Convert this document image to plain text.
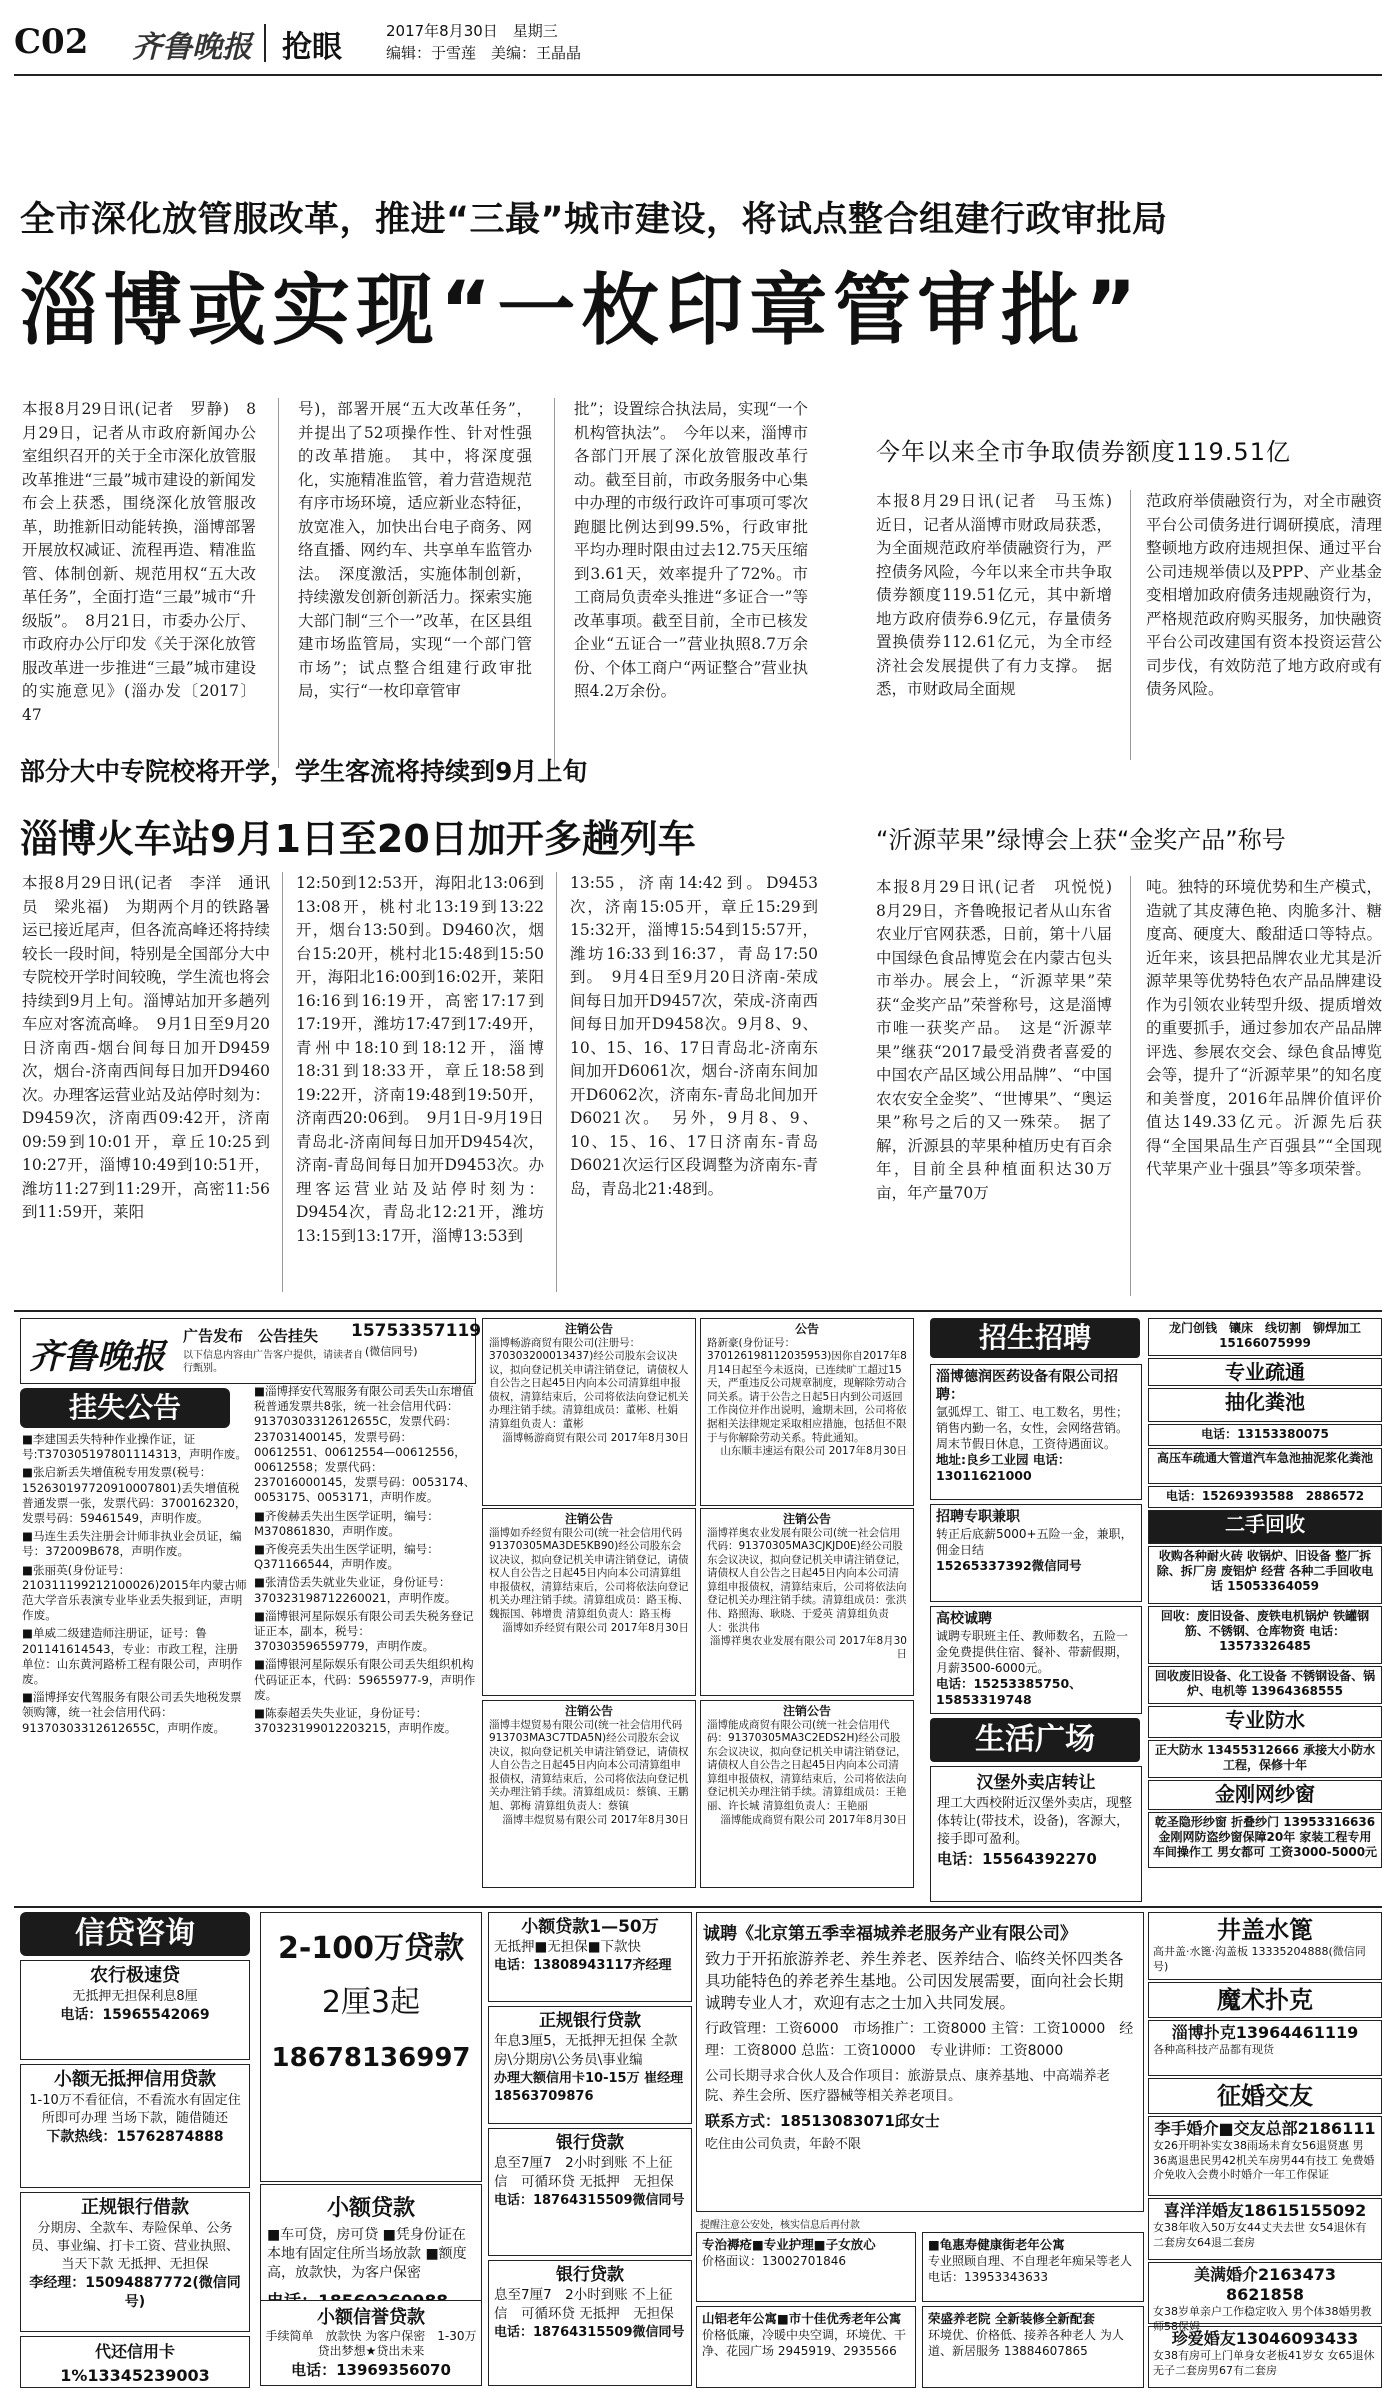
C02 齐鲁晚报 抢眼	2017年8月30日　星期三
编辑：于雪莲　美编：王晶晶
全市深化放管服改革，推进“三最”城市建设，将试点整合组建行政审批局
淄博或实现“一枚印章管审批”

本报8月29日讯(记者　罗静)　8月29日，记者从市政府新闻办公室组织召开的关于全市深化放管服改革推进“三最”城市建设的新闻发布会上获悉，围绕深化放管服改革，助推新旧动能转换，淄博部署开展放权减证、流程再造、精准监管、体制创新、规范用权“五大改革任务”，全面打造“三最”城市“升级版”。　8月21日，市委办公厅、市政府办公厅印发《关于深化放管服改革进一步推进“三最”城市建设的实施意见》(淄办发〔2017〕47

号)，部署开展“五大改革任务”，并提出了52项操作性、针对性强的改革措施。　其中，将深度强化，实施精准监管，着力营造规范有序市场环境，适应新业态特征，放宽准入，加快出台电子商务、网络直播、网约车、共享单车监管办法。　深度激活，实施体制创新，持续激发创新创新活力。探索实施大部门制“三个一”改革，在区县组建市场监管局，实现“一个部门管市场”；试点整合组建行政审批局，实行“一枚印章管审

批”；设置综合执法局，实现“一个机构管执法”。　今年以来，淄博市各部门开展了深化放管服改革行动。截至目前，市政务服务中心集中办理的市级行政许可事项可零次跑腿比例达到99.5%，行政审批平均办理时限由过去12.75天压缩到3.61天，效率提升了72%。市工商局负责牵头推进“多证合一”等改革事项。截至目前，全市已核发企业“五证合一”营业执照8.7万余份、个体工商户“两证整合”营业执照4.2万余份。

今年以来全市争取债券额度119.51亿

本报8月29日讯(记者　马玉炼)　近日，记者从淄博市财政局获悉，为全面规范政府举债融资行为，严控债务风险，今年以来全市共争取债券额度119.51亿元，其中新增地方政府债券6.9亿元，存量债务置换债券112.61亿元，为全市经济社会发展提供了有力支撑。　据悉，市财政局全面规

范政府举债融资行为，对全市融资平台公司债务进行调研摸底，清理整顿地方政府违规担保、通过平台公司违规举债以及PPP、产业基金变相增加政府债务违规融资行为，严格规范政府购买服务，加快融资平台公司改建国有资本投资运营公司步伐，有效防范了地方政府或有债务风险。

部分大中专院校将开学，学生客流将持续到9月上旬
淄博火车站9月1日至20日加开多趟列车

本报8月29日讯(记者　李洋　通讯员　梁兆福)　为期两个月的铁路暑运已接近尾声，但各流高峰还将持续较长一段时间，特别是全国部分大中专院校开学时间较晚，学生流也将会持续到9月上旬。淄博站加开多趟列车应对客流高峰。　9月1日至9月20日济南西-烟台间每日加开D9459次，烟台-济南西间每日加开D9460次。办理客运营业站及站停时刻为：D9459次，济南西09:42开，济南09:59到10:01开，章丘10:25到10:27开，淄博10:49到10:51开，潍坊11:27到11:29开，高密11:56到11:59开，莱阳

12:50到12:53开，海阳北13:06到13:08开，桃村北13:19到13:22开，烟台13:50到。D9460次，烟台15:20开，桃村北15:48到15:50开，海阳北16:00到16:02开，莱阳16:16到16:19开，高密17:17到17:19开，潍坊17:47到17:49开，青州中18:10到18:12开，淄博18:31到18:33开，章丘18:58到19:22开，济南19:48到19:50开，济南西20:06到。　9月1日-9月19日青岛北-济南间每日加开D9454次，济南-青岛间每日加开D9453次。办理客运营业站及站停时刻为：D9454次，青岛北12:21开，潍坊13:15到13:17开，淄博13:53到

13:55，济南14:42到。D9453次，济南15:05开，章丘15:29到15:32开，淄博15:54到15:57开，潍坊16:33到16:37，青岛17:50到。　9月4日至9月20日济南-荣成间每日加开D9457次，荣成-济南西间每日加开D9458次。9月8、9、10、15、16、17日青岛北-济南东间加开D6061次，烟台-济南东间加开D6062次，济南东-青岛北间加开D6021次。　另外，9月8、9、10、15、16、17日济南东-青岛D6021次运行区段调整为济南东-青岛，青岛北21:48到。

“沂源苹果”绿博会上获“金奖产品”称号

本报8月29日讯(记者　巩悦悦)　8月29日，齐鲁晚报记者从山东省农业厅官网获悉，日前，第十八届中国绿色食品博览会在内蒙古包头市举办。展会上，“沂源苹果”荣获“金奖产品”荣誉称号，这是淄博市唯一获奖产品。　这是“沂源苹果”继获“2017最受消费者喜爱的中国农产品区域公用品牌”、“中国农农安全金奖”、“世博果”、“奥运果”称号之后的又一殊荣。　据了解，沂源县的苹果种植历史有百余年，目前全县种植面积达30万亩，年产量70万

吨。独特的环境优势和生产模式，造就了其皮薄色艳、肉脆多汁、糖度高、硬度大、酸甜适口等特点。近年来，该县把品牌农业尤其是沂源苹果等优势特色农产品品牌建设作为引领农业转型升级、提质增效的重要抓手，通过参加农产品品牌评选、参展农交会、绿色食品博览会等，提升了“沂源苹果”的知名度和美誉度，2016年品牌价值评价值达149.33亿元。沂源先后获得“全国果品生产百强县”“全国现代苹果产业十强县”等多项荣誉。

齐鲁晚报
广告发布　公告挂失 15753357119
(微信同号)
以下信息内容由广告客户提供，请读者自行甄别。
挂失公告
■李建国丢失特种作业操作证，证号:T370305197801114313，声明作废。
■张启新丢失增值税专用发票(税号：152630197720910007801)丢失增值税普通发票一张，发票代码：3700162320，发票号码：59461549，声明作废。
■马连生丢失注册会计师非执业会员证，编号：372009B678，声明作废。
■张丽英(身份证号：210311199212100026)2015年内蒙古师范大学音乐表演专业毕业丢失报到证，声明作废。
■单威二级建造师注册证，证号：鲁201141614543，专业：市政工程，注册单位：山东黄河路桥工程有限公司，声明作废。
■淄博择安代驾服务有限公司丢失地税发票领购簿，统一社会信用代码：91370303312612655C，声明作废。
■淄博择安代驾服务有限公司丢失山东增值税普通发票共8张，统一社会信用代码：91370303312612655C，发票代码：237031400145，发票号码：00612551、00612554—00612556，00612558；发票代码：237016000145，发票号码：0053174、0053175、0053171，声明作废。
■齐俊赫丢失出生医学证明，编号：M370861830，声明作废。
■齐俊亮丢失出生医学证明，编号：Q371166544，声明作废。
■张清岱丢失就业失业证，身份证号：370323198712260021，声明作废。
■淄博银河星际娱乐有限公司丢失税务登记证正本，副本，税号：370303596559779，声明作废。
■淄博银河星际娱乐有限公司丢失组织机构代码证正本，代码：59655977-9，声明作废。
■陈泰超丢失失业证，身份证号：370323199012203215，声明作废。
注销公告
淄博畅游商贸有限公司(注册号：370303200013437)经公司股东会议决议，拟向登记机关申请注销登记，请债权人自公告之日起45日内向本公司清算组申报债权，清算结束后，公司将依法向登记机关办理注销手续。清算组成员：董彬、杜娟 清算组负责人：董彬
淄博畅游商贸有限公司 2017年8月30日
公告
路新豪(身份证号：370126198112035953)因你自2017年8月14日起至今未返岗，已连续旷工超过15天，严重违反公司规章制度，现解除劳动合同关系。请于公告之日起5日内到公司返回工作岗位并作出说明，逾期未回，公司将依据相关法律规定采取相应措施，包括但不限于与你解除劳动关系。特此通知。
山东顺丰速运有限公司 2017年8月30日
注销公告
淄博如乔经贸有限公司(统一社会信用代码91370305MA3DE5KB90)经公司股东会议决议，拟向登记机关申请注销登记，请债权人自公告之日起45日内向本公司清算组申报债权，清算结束后，公司将依法向登记机关办理注销手续。清算组成员：路玉梅、魏振国、韩增贵 清算组负责人：路玉梅
淄博如乔经贸有限公司 2017年8月30日
注销公告
淄博祥奥农业发展有限公司(统一社会信用代码：91370305MA3CJKJD0E)经公司股东会议决议，拟向登记机关申请注销登记，请债权人自公告之日起45日内向本公司清算组申报债权，清算结束后，公司将依法向登记机关办理注销手续。清算组成员：张洪伟、路照海、耿晓、于爱英 清算组负责人：张洪伟
淄博祥奥农业发展有限公司 2017年8月30日
注销公告
淄博丰煜贸易有限公司(统一社会信用代码913703MA3C7TDA5N)经公司股东会议决议，拟向登记机关申请注销登记，请债权人自公告之日起45日内向本公司清算组申报债权，清算结束后，公司将依法向登记机关办理注销手续。清算组成员：蔡镇、王鹏旭、郭梅 清算组负责人：蔡镇
淄博丰煜贸易有限公司 2017年8月30日
注销公告
淄博能成商贸有限公司(统一社会信用代码：91370305MA3C2EDS2H)经公司股东会议决议，拟向登记机关申请注销登记，请债权人自公告之日起45日内向本公司清算组申报债权，清算结束后，公司将依法向登记机关办理注销手续。清算组成员：王艳丽、许长城 清算组负责人：王艳丽
淄博能成商贸有限公司 2017年8月30日
招生招聘
淄博德润医药设备有限公司招聘：
氩弧焊工、钳工、电工数名，男性；销售内勤一名，女性，会网络营销。周末节假日休息，工资待遇面议。
地址:良乡工业园 电话：13011621000
招聘专职兼职
转正后底薪5000+五险一金，兼职，佣金日结
15265337392微信同号
高校诚聘
诚聘专职班主任、教师数名，五险一金免费提供住宿、餐补、带薪假期，月薪3500-6000元。
电话：15253385750、15853319748
生活广场
汉堡外卖店转让
理工大西校附近汉堡外卖店，现整体转让(带技术，设备)，客源大，接手即可盈利。
电话：15564392270
龙门创钱　镶床　线切割　铆焊加工 15166075999
专业疏通
抽化粪池
电话：13153380075
高压车疏通大管道汽车急池抽泥浆化粪池
电话：15269393588　2886572
二手回收
收购各种耐火砖 收锅炉、旧设备 整厂拆除、拆厂房 废铝炉 经营 各种二手回收电话 15053364059
回收：废旧设备、废铁电机锅炉 铁罐钢筋、不锈钢、仓库物资 电话：13573326485
回收废旧设备、化工设备 不锈钢设备、锅炉、电机等 13964368555
专业防水
正大防水 13455312666 承接大小防水工程，保修十年
金刚网纱窗
乾圣隐形纱窗 折叠纱门 13953316636 金刚网防盗纱窗保障20年 家装工程专用 车间操作工 男女都可 工资3000-5000元
信贷咨询
农行极速贷
无抵押无担保利息8厘
电话：15965542069
小额无抵押信用贷款
1-10万不看征信，不看流水有固定住所即可办理 当场下款，随借随还
下款热线：15762874888
正规银行借款
分期房、全款车、寿险保单、公务员、事业编、打卡工资、营业执照、当天下款 无抵押、无担保
李经理：15094887772(微信同号)
代还信用卡1%13345239003
2-100万贷款
2厘3起
18678136997
小额贷款
■车可贷，房可贷 ■凭身份证在本地有固定住所当场放款 ■额度高，放款快，为客户保密
小额信誉贷款
手续简单　放款快 为客户保密　1-30万 贷出梦想★贷出未来
电话：13969356070
小额贷款1—50万
无抵押■无担保■下款快
电话：13808943117齐经理
正规银行贷款
年息3厘5，无抵押无担保 全款房\分期房\公务员\事业编
办理大额信用卡10-15万 崔经理18563709876
银行贷款
息至7厘7　2小时到账 不上征信　可循环贷 无抵押　无担保
电话：18764315509微信同号
银行贷款
息至7厘7　2小时到账 不上征信　可循环贷 无抵押　无担保
电话：18764315509微信同号
诚聘《北京第五季幸福城养老服务产业有限公司》
致力于开拓旅游养老、养生养老、医养结合、临终关怀四类各具功能特色的养老养生基地。公司因发展需要，面向社会长期诚聘专业人才，欢迎有志之士加入共同发展。
行政管理：工资6000　市场推广：工资8000 主管：工资10000　经理：工资8000 总监：工资10000　专业讲师：工资8000
公司长期寻求合伙人及合作项目：旅游景点、康养基地、中高端养老院、养生会所、医疗器械等相关养老项目。
联系方式：18513083071邱女士
吃住由公司负责，年龄不限
提醒注意公安处，核实信息后再付款
专治褥疮■专业护理■子女放心
价格面议：13002701846
■龟惠寿健康街老年公寓
专业照顾自理、不自理老年痴呆等老人 电话：13953343633
山铝老年公寓■市十佳优秀老年公寓
价格低廉，冷暖中央空调，环境优、干净、花园广场 2945919、2935566
荣盛养老院 全新装修全新配套
环境优、价格低、接养各种老人 为人道、新居服务 13884607865
井盖水篦
高井盖·水篦·沟盖板 13335204888(微信同号)
魔术扑克
淄博扑克13964461119
各种高科技产品都有现货
征婚交友
李手婚介■交友总部2186111
女26开明补实女38雨场未育女56退贤惠 男36离退患民男42机关车房男44有技工 免费婚介免收入会费小时婚介一年工作保证
喜洋洋婚友18615155092
女38年收入50万女44丈夫去世 女54退休有二套房女64退二套房
美满婚介2163473 8621858
女38岁单亲户工作稳定收入 男个体38婚男教师58保姆
珍爱婚友13046093433
女38有房可上门单身女老板41岁女 女65退休无子二套房男67有二套房
